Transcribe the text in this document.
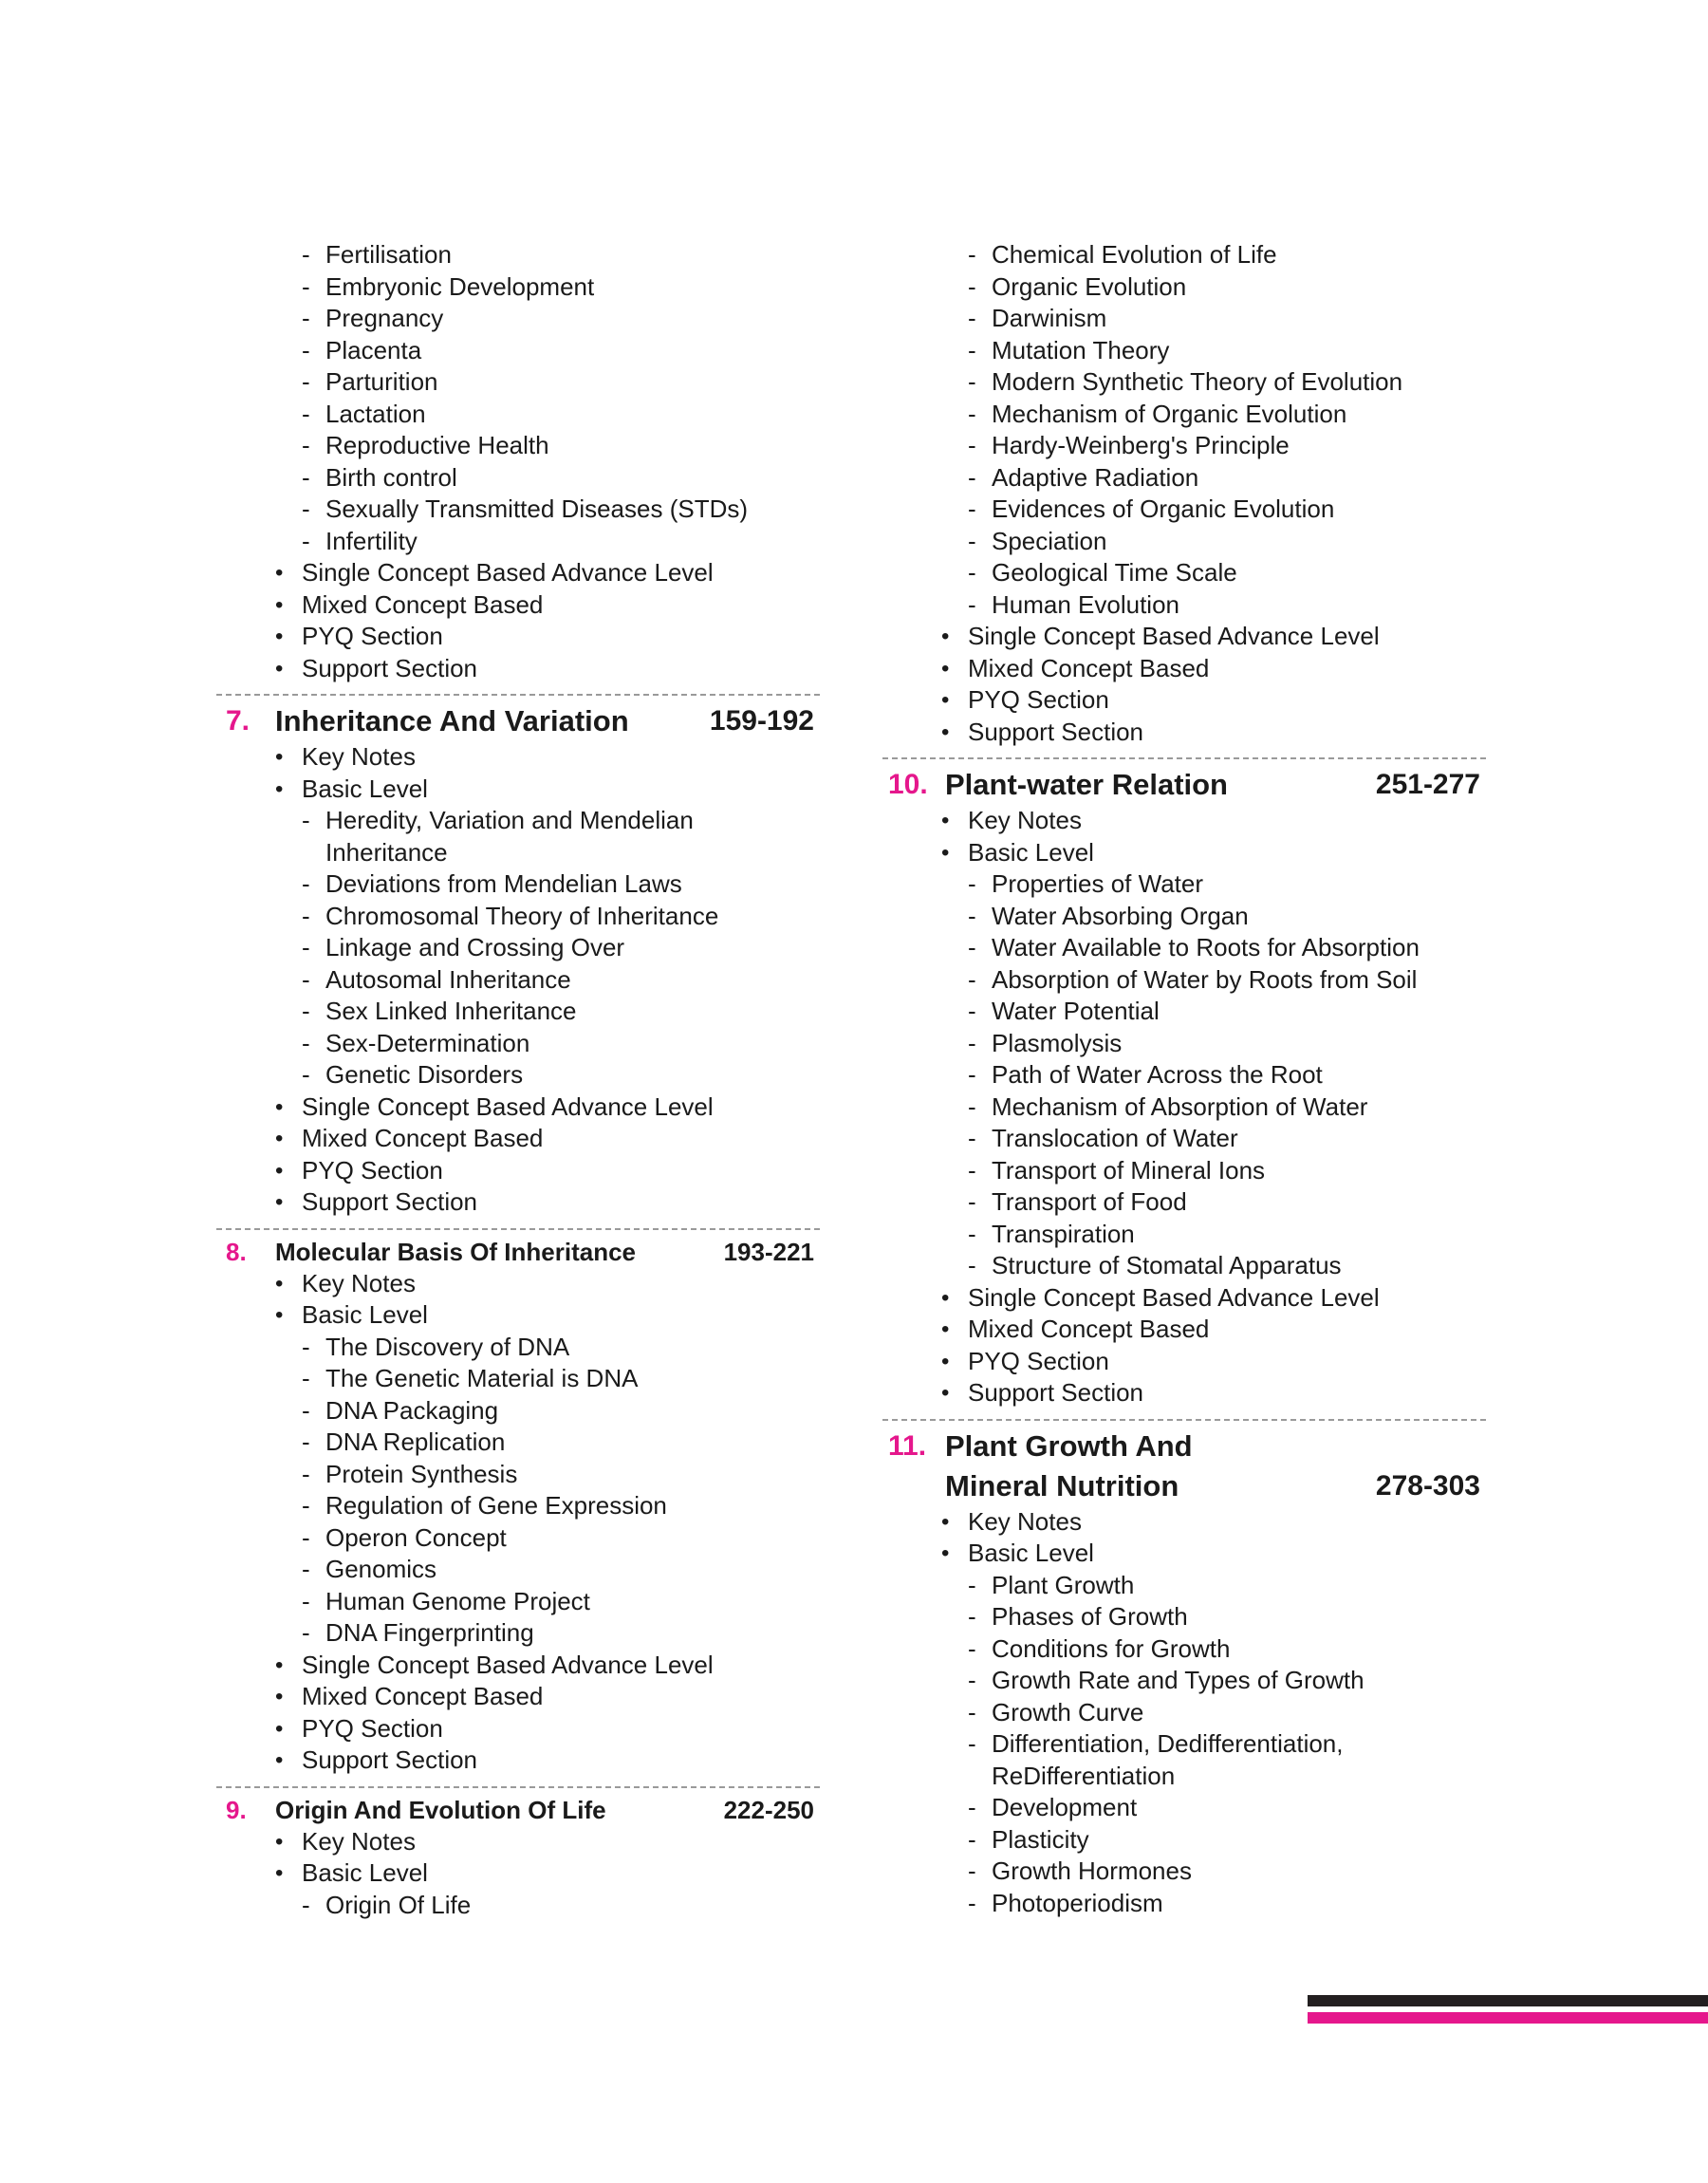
- Fertilisation
- Embryonic Development
- Pregnancy
- Placenta
- Parturition
- Lactation
- Reproductive Health
- Birth control
- Sexually Transmitted Diseases (STDs)
- Infertility
• Single Concept Based Advance Level
• Mixed Concept Based
• PYQ Section
• Support Section
7. Inheritance And Variation	159-192
• Key Notes
• Basic Level
- Heredity, Variation and Mendelian
Inheritance
- Deviations from Mendelian Laws
- Chromosomal Theory of Inheritance
- Linkage and Crossing Over
- Autosomal Inheritance
- Sex Linked Inheritance
- Sex-Determination
- Genetic Disorders
• Single Concept Based Advance Level
• Mixed Concept Based
• PYQ Section
• Support Section
8. Molecular Basis Of Inheritance	193-221
• Key Notes
• Basic Level
- The Discovery of DNA
- The Genetic Material is DNA
- DNA Packaging
- DNA Replication
- Protein Synthesis
- Regulation of Gene Expression
- Operon Concept
- Genomics
- Human Genome Project
- DNA Fingerprinting
• Single Concept Based Advance Level
• Mixed Concept Based
• PYQ Section
• Support Section
9. Origin And Evolution Of Life	222-250
• Key Notes
• Basic Level
- Origin Of Life
- Chemical Evolution of Life
- Organic Evolution
- Darwinism
- Mutation Theory
- Modern Synthetic Theory of Evolution
- Mechanism of Organic Evolution
- Hardy-Weinberg's Principle
- Adaptive Radiation
- Evidences of Organic Evolution
- Speciation
- Geological Time Scale
- Human Evolution
• Single Concept Based Advance Level
• Mixed Concept Based
• PYQ Section
• Support Section
10. Plant-water Relation	251-277
• Key Notes
• Basic Level
- Properties of Water
- Water Absorbing Organ
- Water Available to Roots for Absorption
- Absorption of Water by Roots from Soil
- Water Potential
- Plasmolysis
- Path of Water Across the Root
- Mechanism of Absorption of Water
- Translocation of Water
- Transport of Mineral Ions
- Transport of Food
- Transpiration
- Structure of Stomatal Apparatus
• Single Concept Based Advance Level
• Mixed Concept Based
• PYQ Section
• Support Section
11. Plant Growth And
Mineral Nutrition	278-303
• Key Notes
• Basic Level
- Plant Growth
- Phases of Growth
- Conditions for Growth
- Growth Rate and Types of Growth
- Growth Curve
- Differentiation, Dedifferentiation,
ReDifferentiation
- Development
- Plasticity
- Growth Hormones
- Photoperiodism
